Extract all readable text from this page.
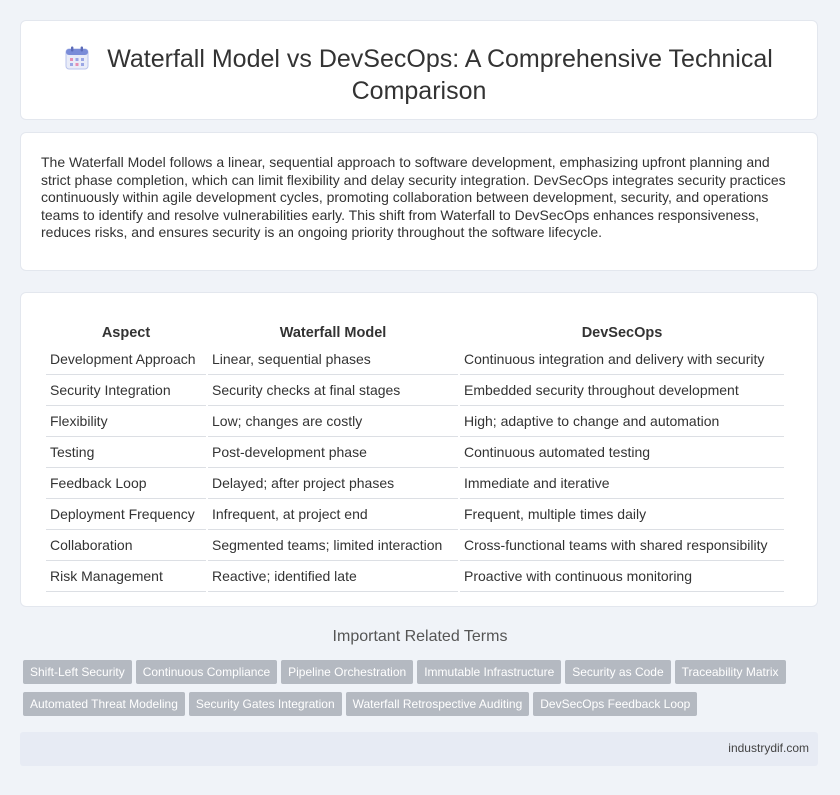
Waterfall Model vs DevSecOps: A Comprehensive Technical
Comparison

The Waterfall Model follows a linear, sequential approach to software development, emphasizing upfront planning and strict phase completion, which can limit flexibility and delay security integration. DevSecOps integrates security practices continuously within agile development cycles, promoting collaboration between development, security, and operations teams to identify and resolve vulnerabilities early. This shift from Waterfall to DevSecOps enhances responsiveness, reduces risks, and ensures security is an ongoing priority throughout the software lifecycle.

Aspect	Waterfall Model	DevSecOps
Development Approach	Linear, sequential phases	Continuous integration and delivery with security
Security Integration	Security checks at final stages	Embedded security throughout development
Flexibility	Low; changes are costly	High; adaptive to change and automation
Testing	Post-development phase	Continuous automated testing
Feedback Loop	Delayed; after project phases	Immediate and iterative
Deployment Frequency	Infrequent, at project end	Frequent, multiple times daily
Collaboration	Segmented teams; limited interaction	Cross-functional teams with shared responsibility
Risk Management	Reactive; identified late	Proactive with continuous monitoring
Important Related Terms
Shift-Left Security Continuous Compliance Pipeline Orchestration Immutable Infrastructure Security as Code Traceability MatrixAutomated Threat Modeling Security Gates Integration Waterfall Retrospective Auditing DevSecOps Feedback Loop
industrydif.com
